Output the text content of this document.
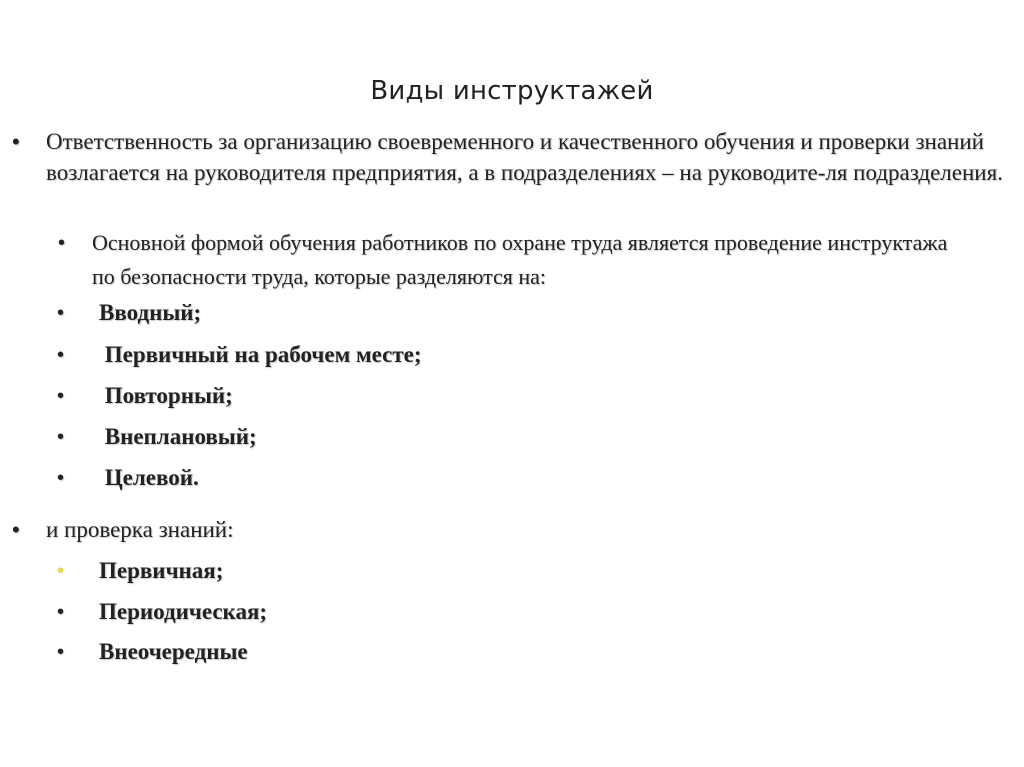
Виды инструктажей
•	Ответственность за организацию своевременного и качественного обучения и проверки знаний возлагается на руководителя предприятия, а в подразделениях – на руководите-ля подразделения.
•	Основной формой обучения работников по охране труда является проведение инструктажа по безопасности труда, которые разделяются на:
•	Вводный;
•	Первичный на рабочем месте;
•	Повторный;
•	Внеплановый;
•	Целевой.
•	и проверка знаний:
•	Первичная;
•	Периодическая;
•	Внеочередные
